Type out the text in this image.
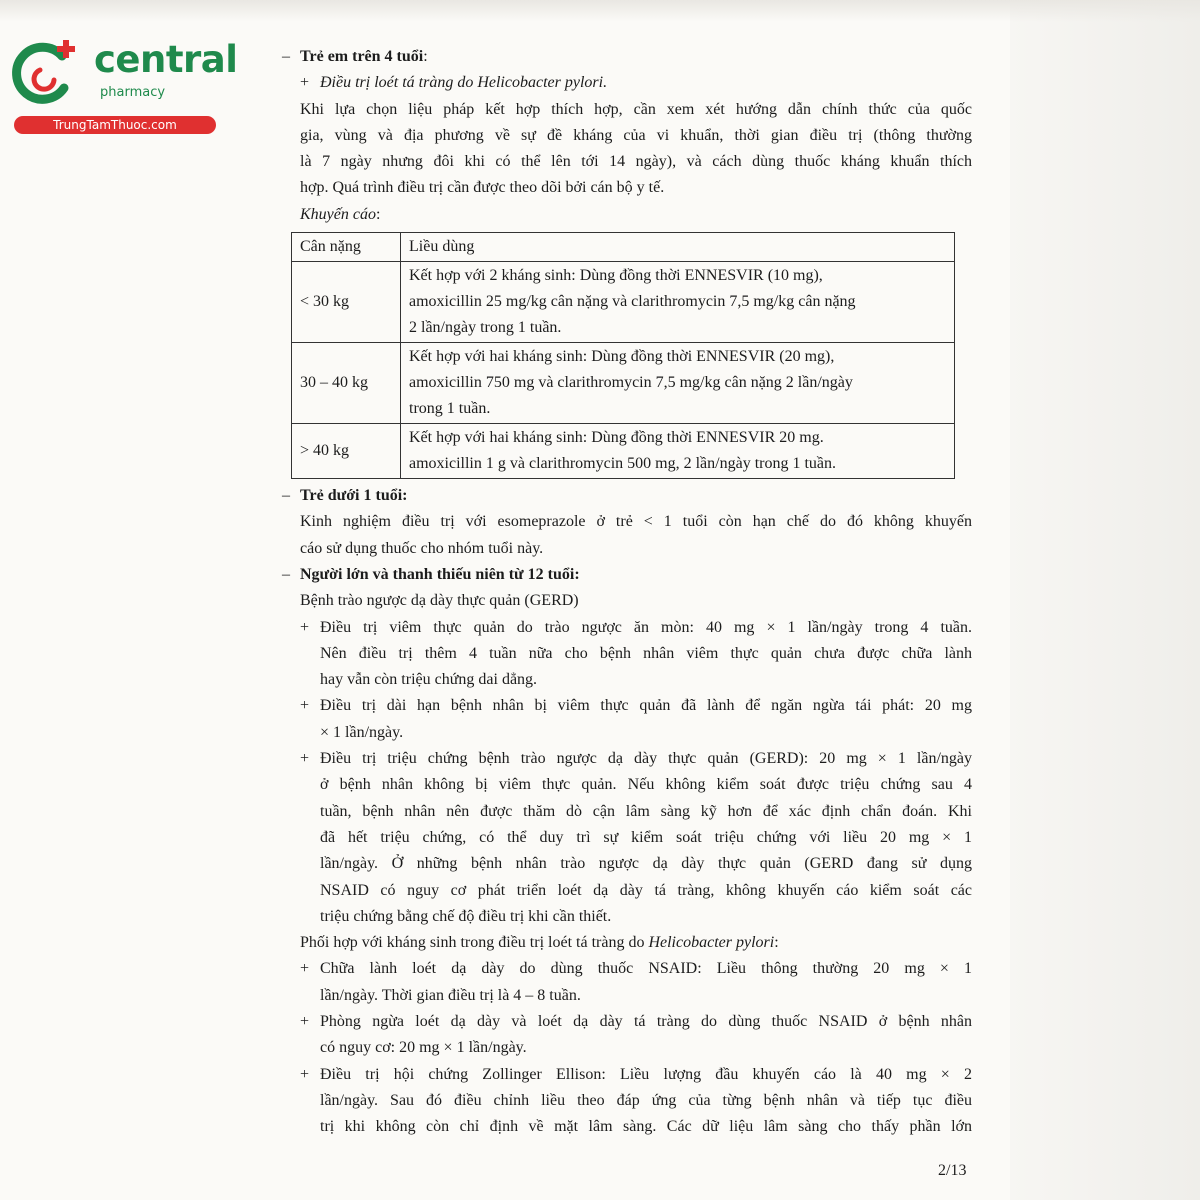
central
pharmacy
TrungTamThuoc.com
– Trẻ em trên 4 tuổi:
+ Điều trị loét tá tràng do Helicobacter pylori.
Khi lựa chọn liệu pháp kết hợp thích hợp, cần xem xét hướng dẫn chính thức của quốc
gia, vùng và địa phương về sự đề kháng của vi khuẩn, thời gian điều trị (thông thường
là 7 ngày nhưng đôi khi có thể lên tới 14 ngày), và cách dùng thuốc kháng khuẩn thích
hợp. Quá trình điều trị cần được theo dõi bởi cán bộ y tế.
Khuyến cáo:
Cân nặng	Liều dùng
< 30 kg	Kết hợp với 2 kháng sinh: Dùng đồng thời ENNESVIR (10 mg),
amoxicillin 25 mg/kg cân nặng và clarithromycin 7,5 mg/kg cân nặng
2 lần/ngày trong 1 tuần.

30 – 40 kg	Kết hợp với hai kháng sinh: Dùng đồng thời ENNESVIR (20 mg),
amoxicillin 750 mg và clarithromycin 7,5 mg/kg cân nặng 2 lần/ngày
trong 1 tuần.

> 40 kg	Kết hợp với hai kháng sinh: Dùng đồng thời ENNESVIR 20 mg.
amoxicillin 1 g và clarithromycin 500 mg, 2 lần/ngày trong 1 tuần.
– Trẻ dưới 1 tuổi:
Kinh nghiệm điều trị với esomeprazole ở trẻ < 1 tuổi còn hạn chế do đó không khuyến
cáo sử dụng thuốc cho nhóm tuổi này.
– Người lớn và thanh thiếu niên từ 12 tuổi:
Bệnh trào ngược dạ dày thực quản (GERD)
+ Điều trị viêm thực quản do trào ngược ăn mòn: 40 mg × 1 lần/ngày trong 4 tuần.
Nên điều trị thêm 4 tuần nữa cho bệnh nhân viêm thực quản chưa được chữa lành
hay vẫn còn triệu chứng dai dẳng.
+ Điều trị dài hạn bệnh nhân bị viêm thực quản đã lành để ngăn ngừa tái phát: 20 mg
× 1 lần/ngày.
+ Điều trị triệu chứng bệnh trào ngược dạ dày thực quản (GERD): 20 mg × 1 lần/ngày
ở bệnh nhân không bị viêm thực quản. Nếu không kiểm soát được triệu chứng sau 4
tuần, bệnh nhân nên được thăm dò cận lâm sàng kỹ hơn để xác định chẩn đoán. Khi
đã hết triệu chứng, có thể duy trì sự kiểm soát triệu chứng với liều 20 mg × 1
lần/ngày. Ở những bệnh nhân trào ngược dạ dày thực quản (GERD đang sử dụng
NSAID có nguy cơ phát triển loét dạ dày tá tràng, không khuyến cáo kiểm soát các
triệu chứng bằng chế độ điều trị khi cần thiết.
Phối hợp với kháng sinh trong điều trị loét tá tràng do Helicobacter pylori:
+ Chữa lành loét dạ dày do dùng thuốc NSAID: Liều thông thường 20 mg × 1
lần/ngày. Thời gian điều trị là 4 – 8 tuần.
+ Phòng ngừa loét dạ dày và loét dạ dày tá tràng do dùng thuốc NSAID ở bệnh nhân
có nguy cơ: 20 mg × 1 lần/ngày.
+ Điều trị hội chứng Zollinger Ellison: Liều lượng đầu khuyến cáo là 40 mg × 2
lần/ngày. Sau đó điều chỉnh liều theo đáp ứng của từng bệnh nhân và tiếp tục điều
trị khi không còn chỉ định về mặt lâm sàng. Các dữ liệu lâm sàng cho thấy phần lớn
2/13
